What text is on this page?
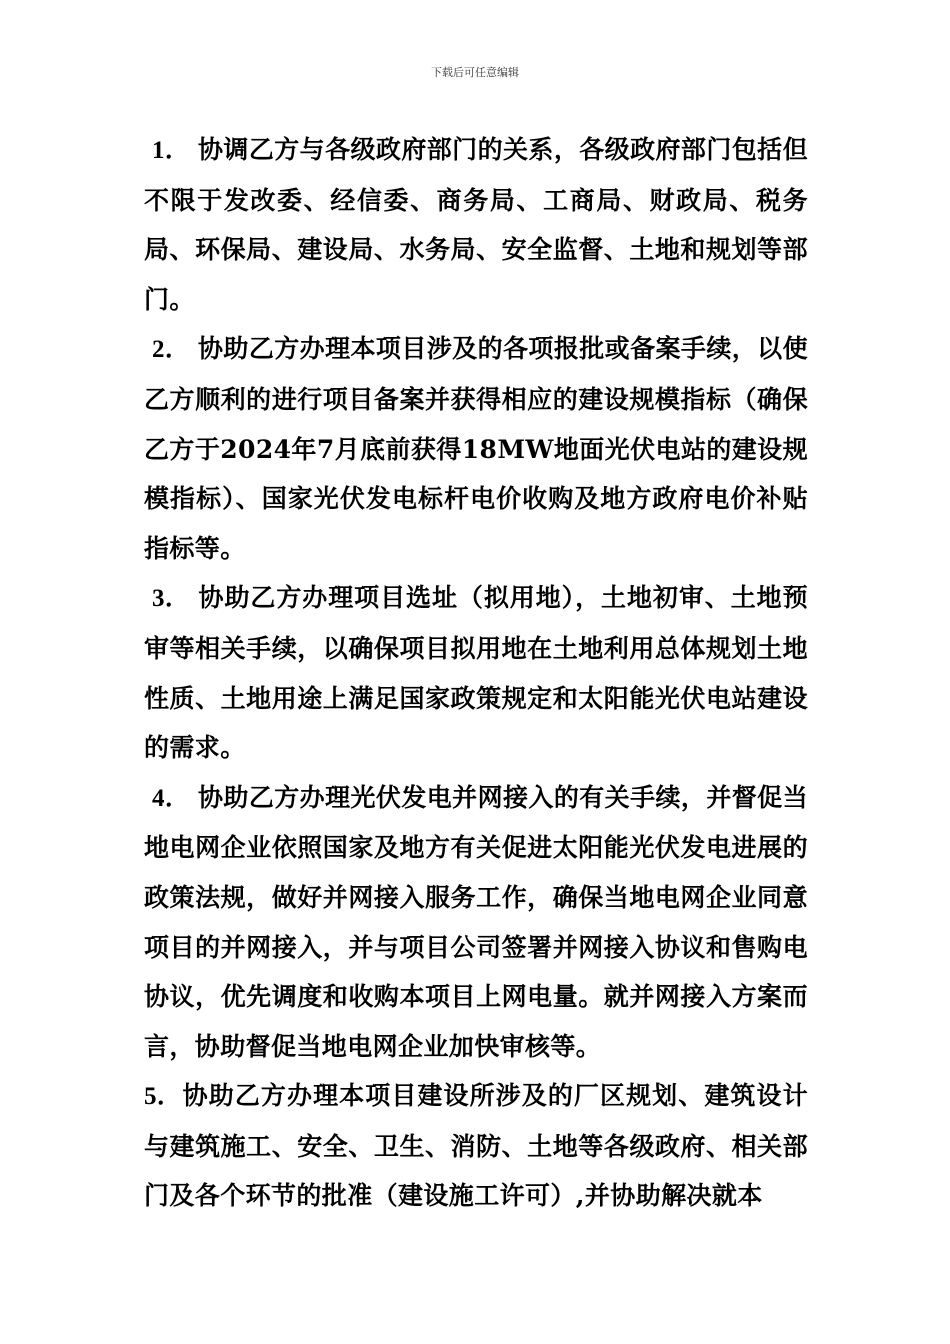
下载后可任意编辑

1． 协调乙方与各级政府部门的关系，各级政府部门包括但不限于发改委、经信委、商务局、工商局、财政局、税务局、环保局、建设局、水务局、安全监督、土地和规划等部门。

2． 协助乙方办理本项目涉及的各项报批或备案手续，以使乙方顺利的进行项目备案并获得相应的建设规模指标（确保乙方于2024年7月底前获得18MW地面光伏电站的建设规模指标）、国家光伏发电标杆电价收购及地方政府电价补贴指标等。

3． 协助乙方办理项目选址（拟用地），土地初审、土地预审等相关手续，以确保项目拟用地在土地利用总体规划土地性质、土地用途上满足国家政策规定和太阳能光伏电站建设的需求。

4． 协助乙方办理光伏发电并网接入的有关手续，并督促当地电网企业依照国家及地方有关促进太阳能光伏发电进展的政策法规，做好并网接入服务工作，确保当地电网企业同意项目的并网接入，并与项目公司签署并网接入协议和售购电协议，优先调度和收购本项目上网电量。就并网接入方案而言，协助督促当地电网企业加快审核等。

5．协助乙方办理本项目建设所涉及的厂区规划、建筑设计与建筑施工、安全、卫生、消防、土地等各级政府、相关部门及各个环节的批准（建设施工许可）,并协助解决就本
